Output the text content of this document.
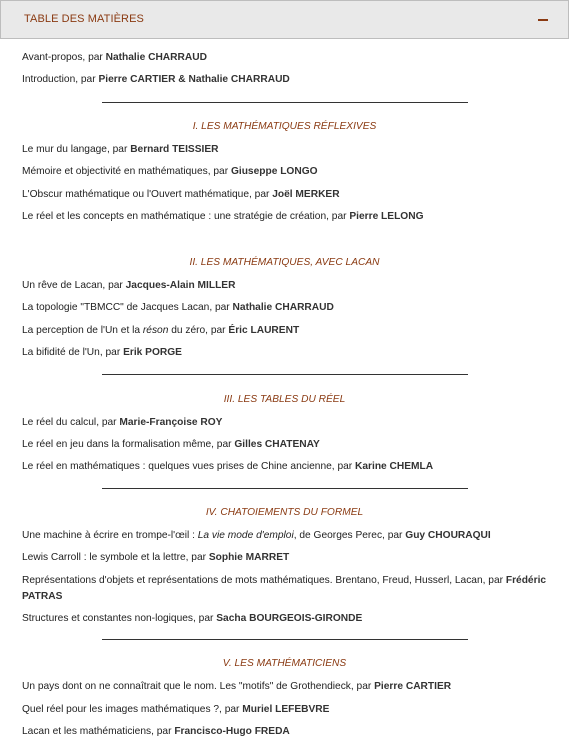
TABLE DES MATIÈRES
Avant-propos, par Nathalie CHARRAUD
Introduction, par Pierre CARTIER & Nathalie CHARRAUD
I. LES MATHÉMATIQUES RÉFLEXIVES
Le mur du langage, par Bernard TEISSIER
Mémoire et objectivité en mathématiques, par Giuseppe LONGO
L'Obscur mathématique ou l'Ouvert mathématique, par Joël MERKER
Le réel et les concepts en mathématique : une stratégie de création, par Pierre LELONG
II. LES MATHÉMATIQUES, AVEC LACAN
Un rêve de Lacan, par Jacques-Alain MILLER
La topologie "TBMCC" de Jacques Lacan, par Nathalie CHARRAUD
La perception de l'Un et la réson du zéro, par Éric LAURENT
La bifidité de l'Un, par Erik PORGE
III. LES TABLES DU RÉEL
Le réel du calcul, par Marie-Françoise ROY
Le réel en jeu dans la formalisation même, par Gilles CHATENAY
Le réel en mathématiques : quelques vues prises de Chine ancienne, par Karine CHEMLA
IV. CHATOIEMENTS DU FORMEL
Une machine à écrire en trompe-l'œil : La vie mode d'emploi, de Georges Perec, par Guy CHOURAQUI
Lewis Carroll : le symbole et la lettre, par Sophie MARRET
Représentations d'objets et représentations de mots mathématiques. Brentano, Freud, Husserl, Lacan, par Frédéric PATRAS
Structures et constantes non-logiques, par Sacha BOURGEOIS-GIRONDE
V. LES MATHÉMATICIENS
Un pays dont on ne connaîtrait que le nom. Les "motifs" de Grothendieck, par Pierre CARTIER
Quel réel pour les images mathématiques ?, par Muriel LEFEBVRE
Lacan et les mathématiciens, par Francisco-Hugo FREDA
